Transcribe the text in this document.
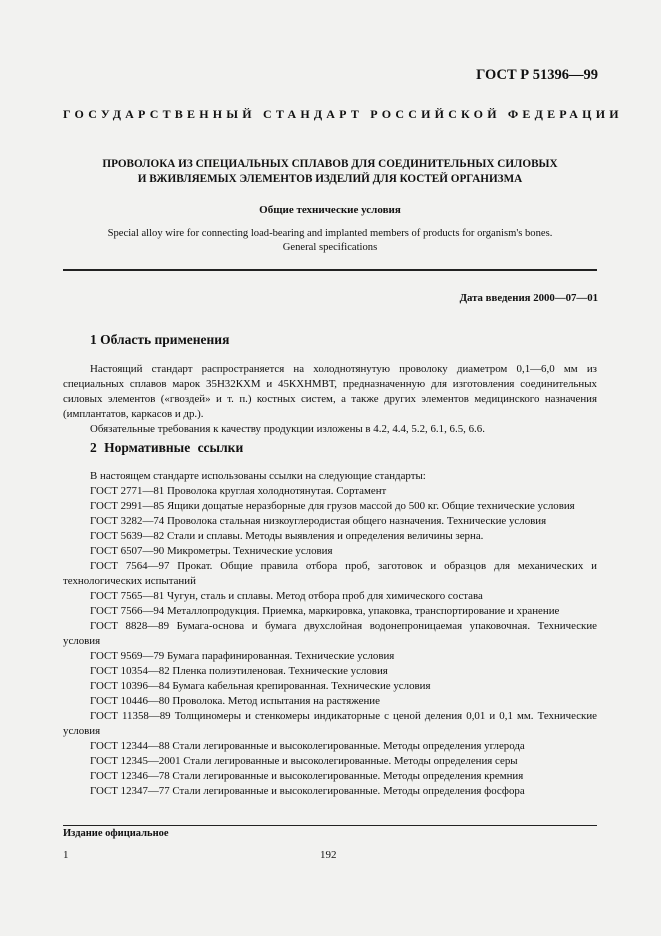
ГОСТ Р 51396—99
ГОСУДАРСТВЕННЫЙ СТАНДАРТ РОССИЙСКОЙ ФЕДЕРАЦИИ
ПРОВОЛОКА ИЗ СПЕЦИАЛЬНЫХ СПЛАВОВ ДЛЯ СОЕДИНИТЕЛЬНЫХ СИЛОВЫХ
И ВЖИВЛЯЕМЫХ ЭЛЕМЕНТОВ ИЗДЕЛИЙ ДЛЯ КОСТЕЙ ОРГАНИЗМА
Общие технические условия
Special alloy wire for connecting load-bearing and implanted members of products for organism's bones.
General specifications
Дата введения 2000—07—01
1 Область применения

Настоящий стандарт распространяется на холоднотянутую проволоку диаметром 0,1—6,0 мм из специальных сплавов марок 35Н32КХМ и 45КХНМВТ, предназначенную для изготовления соединительных силовых элементов («гвоздей» и т. п.) костных систем, а также других элементов медицинского назначения (имплантатов, каркасов и др.).

Обязательные требования к качеству продукции изложены в 4.2, 4.4, 5.2, 6.1, 6.5, 6.6.

2 Нормативные ссылки

В настоящем стандарте использованы ссылки на следующие стандарты:

ГОСТ 2771—81 Проволока круглая холоднотянутая. Сортамент

ГОСТ 2991—85 Ящики дощатые неразборные для грузов массой до 500 кг. Общие технические условия

ГОСТ 3282—74 Проволока стальная низкоуглеродистая общего назначения. Технические условия

ГОСТ 5639—82 Стали и сплавы. Методы выявления и определения величины зерна.

ГОСТ 6507—90 Микрометры. Технические условия

ГОСТ 7564—97 Прокат. Общие правила отбора проб, заготовок и образцов для механических и технологических испытаний

ГОСТ 7565—81 Чугун, сталь и сплавы. Метод отбора проб для химического состава

ГОСТ 7566—94 Металлопродукция. Приемка, маркировка, упаковка, транспортирование и хранение

ГОСТ 8828—89 Бумага-основа и бумага двухслойная водонепроницаемая упаковочная. Технические условия

ГОСТ 9569—79 Бумага парафинированная. Технические условия

ГОСТ 10354—82 Пленка полиэтиленовая. Технические условия

ГОСТ 10396—84 Бумага кабельная крепированная. Технические условия

ГОСТ 10446—80 Проволока. Метод испытания на растяжение

ГОСТ 11358—89 Толщиномеры и стенкомеры индикаторные с ценой деления 0,01 и 0,1 мм. Технические условия

ГОСТ 12344—88 Стали легированные и высоколегированные. Методы определения углерода

ГОСТ 12345—2001 Стали легированные и высоколегированные. Методы определения серы

ГОСТ 12346—78 Стали легированные и высоколегированные. Методы определения кремния

ГОСТ 12347—77 Стали легированные и высоколегированные. Методы определения фосфора

Издание официальное
1	192
